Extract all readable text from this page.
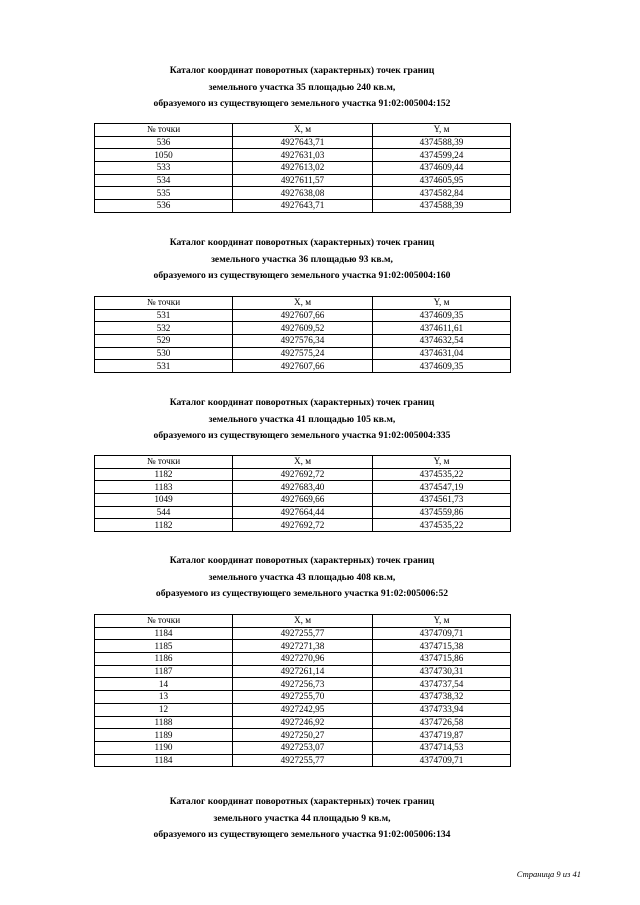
Каталог координат поворотных (характерных) точек границ
земельного участка 35 площадью 240 кв.м,
образуемого из существующего земельного участка 91:02:005004:152

№ точки	X, м	Y, м
536	4927643,71	4374588,39
1050	4927631,03	4374599,24
533	4927613,02	4374609,44
534	4927611,57	4374605,95
535	4927638,08	4374582,84
536	4927643,71	4374588,39

Каталог координат поворотных (характерных) точек границ
земельного участка 36 площадью 93 кв.м,
образуемого из существующего земельного участка 91:02:005004:160

№ точки	X, м	Y, м
531	4927607,66	4374609,35
532	4927609,52	4374611,61
529	4927576,34	4374632,54
530	4927575,24	4374631,04
531	4927607,66	4374609,35

Каталог координат поворотных (характерных) точек границ
земельного участка 41 площадью 105 кв.м,
образуемого из существующего земельного участка 91:02:005004:335

№ точки	X, м	Y, м
1182	4927692,72	4374535,22
1183	4927683,40	4374547,19
1049	4927669,66	4374561,73
544	4927664,44	4374559,86
1182	4927692,72	4374535,22

Каталог координат поворотных (характерных) точек границ
земельного участка 43 площадью 408 кв.м,
образуемого из существующего земельного участка 91:02:005006:52

№ точки	X, м	Y, м
1184	4927255,77	4374709,71
1185	4927271,38	4374715,38
1186	4927270,96	4374715,86
1187	4927261,14	4374730,31
14	4927256,73	4374737,54
13	4927255,70	4374738,32
12	4927242,95	4374733,94
1188	4927246,92	4374726,58
1189	4927250,27	4374719,87
1190	4927253,07	4374714,53
1184	4927255,77	4374709,71

Каталог координат поворотных (характерных) точек границ
земельного участка 44 площадью 9 кв.м,
образуемого из существующего земельного участка 91:02:005006:134

Страница 9 из 41
